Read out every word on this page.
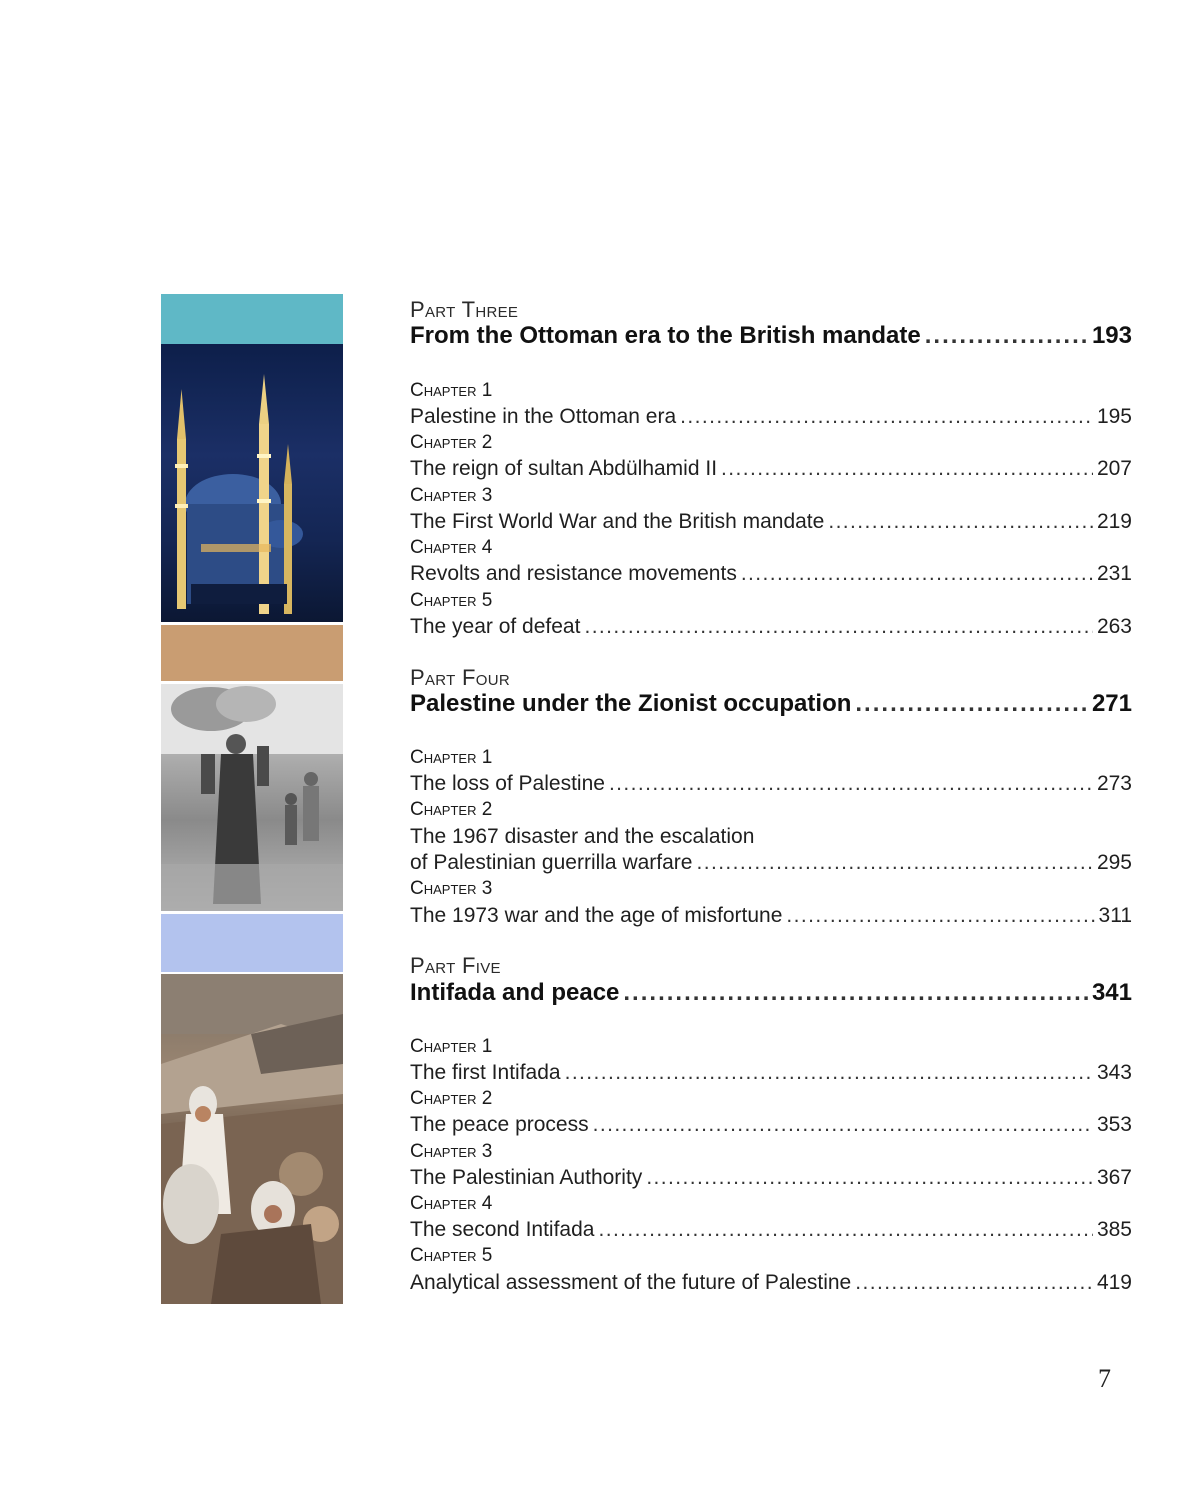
Part Three
From the Ottoman era to the British mandate .....	193
Chapter 1
Palestine in the Ottoman era .....	195
Chapter 2
The reign of sultan Abdülhamid II .....	207
Chapter 3
The First World War and the British mandate .....	219
Chapter 4
Revolts and resistance movements .....	231
Chapter 5
The year of defeat .....	263
Part Four
Palestine under the Zionist occupation .....	271
Chapter 1
The loss of Palestine .....	273
Chapter 2
The 1967 disaster and the escalation
of Palestinian guerrilla warfare .....	295
Chapter 3
The 1973 war and the age of misfortune .....	311
Part Five
Intifada and peace .....	341
Chapter 1
The first Intifada .....	343
Chapter 2
The peace process .....	353
Chapter 3
The Palestinian Authority .....	367
Chapter 4
The second Intifada .....	385
Chapter 5
Analytical assessment of the future of Palestine .....	419
7
